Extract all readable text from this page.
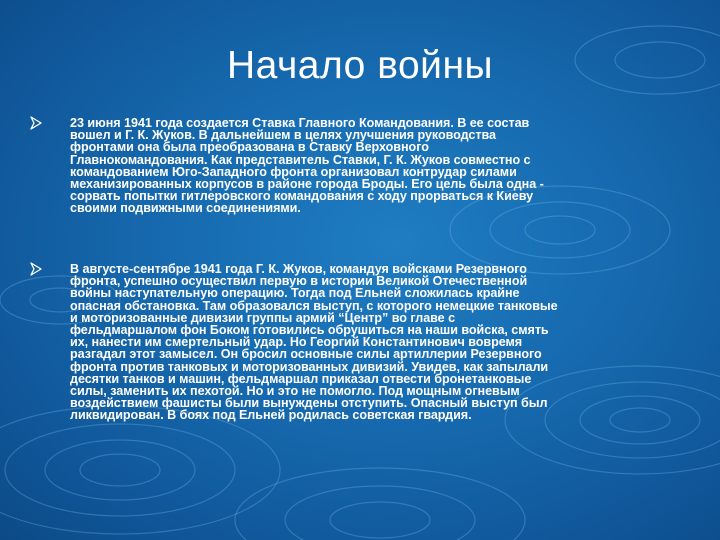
Начало войны
23 июня 1941 года создается Ставка Главного Командования. В ее состав
вошел и Г. К. Жуков. В дальнейшем в целях улучшения руководства
фронтами она была преобразована в Ставку Верховного
Главнокомандования. Как представитель Ставки, Г. К. Жуков совместно с
командованием Юго-Западного фронта организовал контрудар силами
механизированных корпусов в районе города Броды. Его цель была одна -
сорвать попытки гитлеровского командования с ходу прорваться к Киеву
своими подвижными соединениями.
В августе-сентябре 1941 года Г. К. Жуков, командуя войсками Резервного
фронта, успешно осуществил первую в истории Великой Отечественной
войны наступательную операцию. Тогда под Ельней сложилась крайне
опасная обстановка. Там образовался выступ, с которого немецкие танковые
и моторизованные дивизии группы армий “Центр” во главе с
фельдмаршалом фон Боком готовились обрушиться на наши войска, смять
их, нанести им смертельный удар. Но Георгий Константинович вовремя
разгадал этот замысел. Он бросил основные силы артиллерии Резервного
фронта против танковых и моторизованных дивизий. Увидев, как запылали
десятки танков и машин, фельдмаршал приказал отвести бронетанковые
силы, заменить их пехотой. Но и это не помогло. Под мощным огневым
воздействием фашисты были вынуждены отступить. Опасный выступ был
ликвидирован. В боях под Ельней родилась советская гвардия.
